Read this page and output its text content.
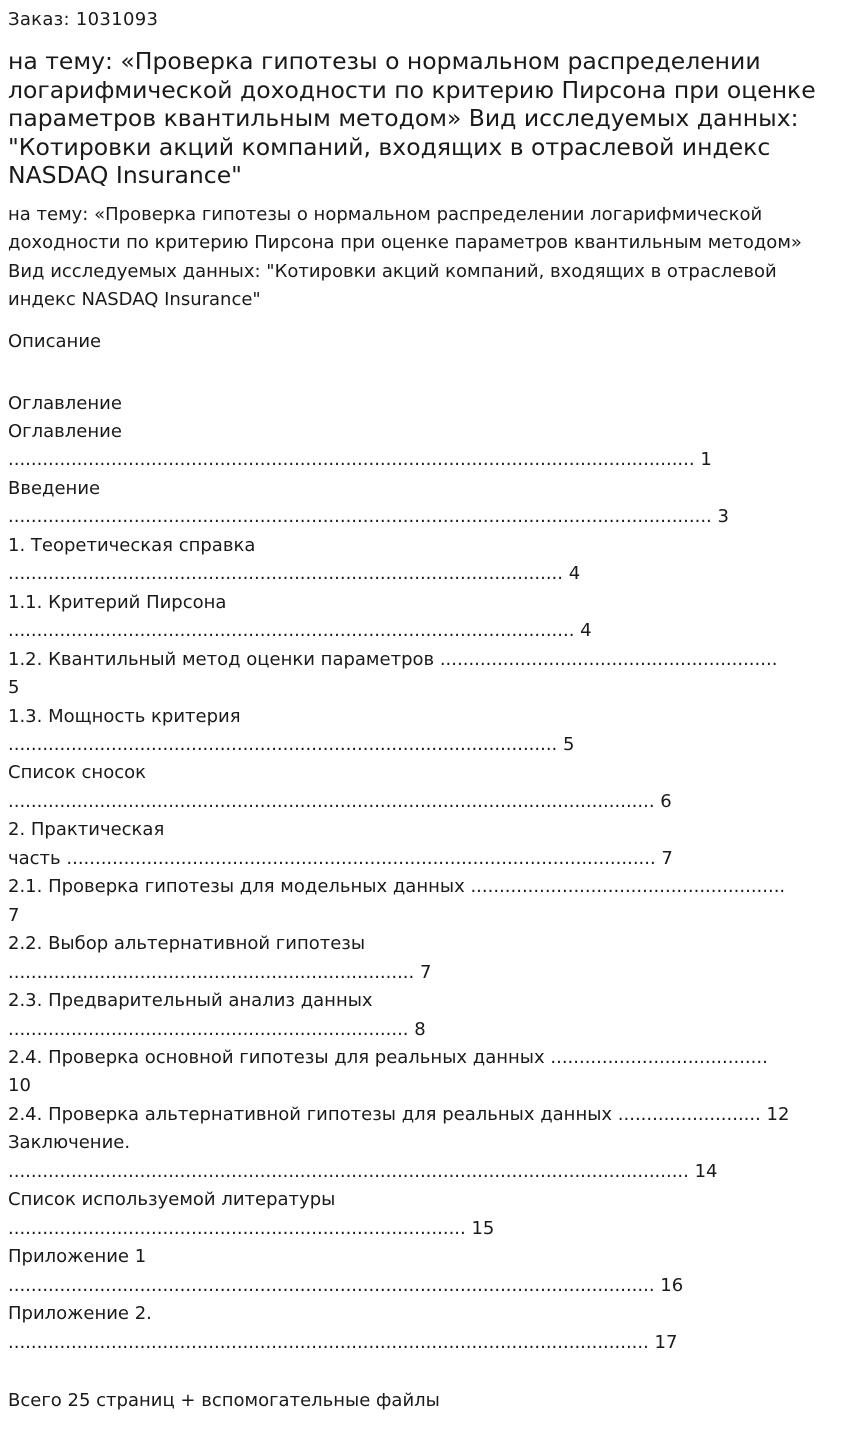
Заказ: 1031093
на тему: «Проверка гипотезы о нормальном распределении логарифмической доходности по критерию Пирсона при оценке параметров квантильным методом» Вид исследуемых данных: "Котировки акций компаний, входящих в отраслевой индекс NASDAQ Insurance"

на тему: «Проверка гипотезы о нормальном распределении логарифмической доходности по критерию Пирсона при оценке параметров квантильным методом» Вид исследуемых данных: "Котировки акций компаний, входящих в отраслевой индекс NASDAQ Insurance"

Описание
Оглавление
Оглавление
........................................................................................................................ 1
Введение
........................................................................................................................... 3
1. Теоретическая справка
................................................................................................. 4
1.1. Критерий Пирсона
................................................................................................... 4
1.2. Квантильный метод оценки параметров ...........................................................
5
1.3. Мощность критерия
................................................................................................ 5
Список сносок
................................................................................................................. 6
2. Практическая
часть ....................................................................................................... 7
2.1. Проверка гипотезы для модельных данных .......................................................
7
2.2. Выбор альтернативной гипотезы
....................................................................... 7
2.3. Предварительный анализ данных
...................................................................... 8
2.4. Проверка основной гипотезы для реальных данных ......................................
10
2.4. Проверка альтернативной гипотезы для реальных данных ......................... 12
Заключение.
....................................................................................................................... 14
Список используемой литературы
................................................................................ 15
Приложение 1
................................................................................................................. 16
Приложение 2.
................................................................................................................ 17
Всего 25 страниц + вспомогательные файлы
